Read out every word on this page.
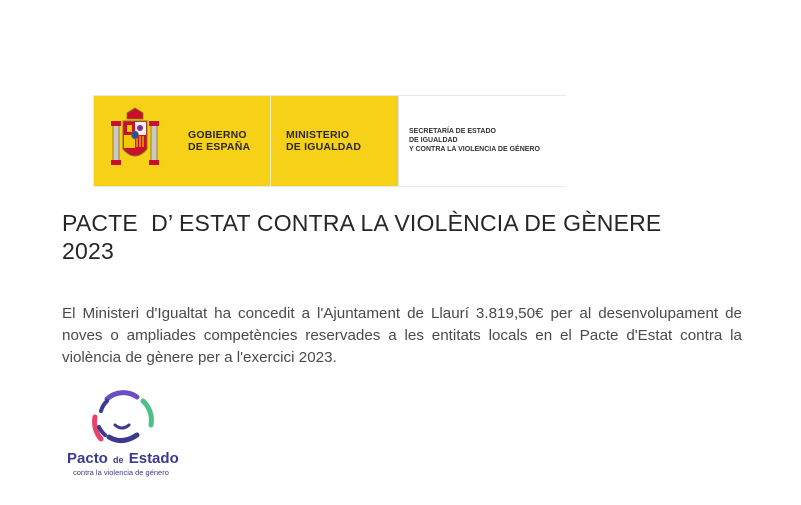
GOBIERNO
DE ESPAÑA
MINISTERIO
DE IGUALDAD
SECRETARÍA DE ESTADO
DE IGUALDAD
Y CONTRA LA VIOLENCIA DE GÉNERO
PACTE  D’ ESTAT CONTRA LA VIOLÈNCIA DE GÈNERE
2023

El Ministeri d'Igualtat ha concedit a l'Ajuntament de Llaurí 3.819,50€ per al desenvolupament de noves o ampliades competències reservades a les entitats locals en el Pacte d'Estat contra la violència de gènere per a l'exercici 2023.

Pacto de Estado
contra la violencia de género
